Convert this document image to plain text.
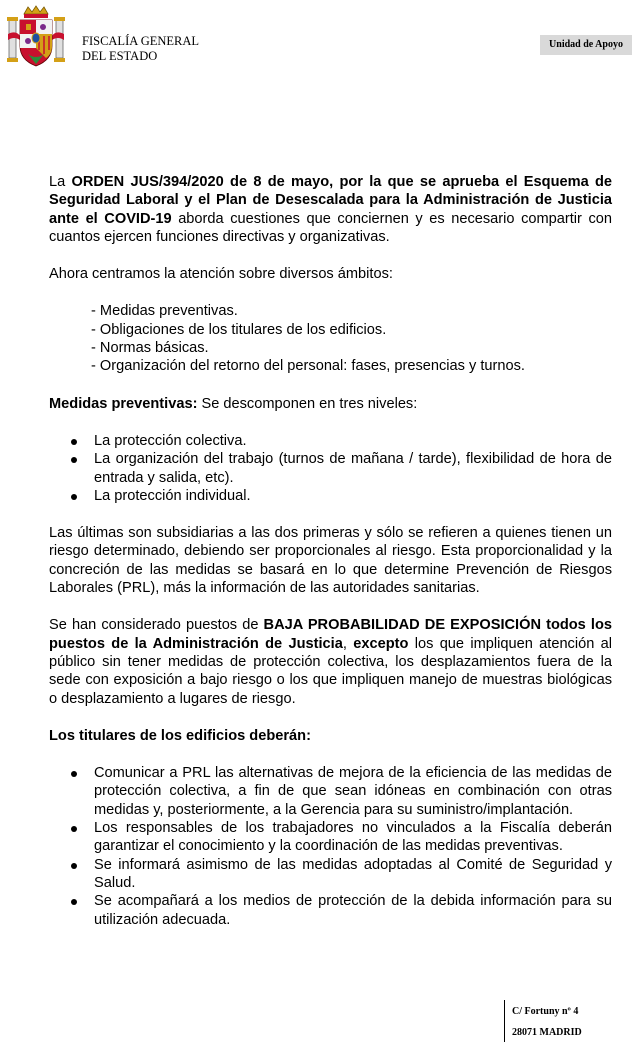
FISCALÍA GENERAL
DEL ESTADO
Unidad de Apoyo

La ORDEN JUS/394/2020 de 8 de mayo, por la que se aprueba el Esquema de Seguridad Laboral y el Plan de Desescalada para la Administración de Justicia ante el COVID-19 aborda cuestiones que conciernen y es necesario compartir con cuantos ejercen funciones directivas y organizativas.

Ahora centramos la atención sobre diversos ámbitos:

- Medidas preventivas.
- Obligaciones de los titulares de los edificios.
- Normas básicas.
- Organización del retorno del personal: fases, presencias y turnos.

Medidas preventivas: Se descomponen en tres niveles:

La protección colectiva.
La organización del trabajo (turnos de mañana / tarde), flexibilidad de hora de entrada y salida, etc).
La protección individual.

Las últimas son subsidiarias a las dos primeras y sólo se refieren a quienes tienen un riesgo determinado, debiendo ser proporcionales al riesgo. Esta proporcionalidad y la concreción de las medidas se basará en lo que determine Prevención de Riesgos Laborales (PRL), más la información de las autoridades sanitarias.

Se han considerado puestos de BAJA PROBABILIDAD DE EXPOSICIÓN todos los puestos de la Administración de Justicia, excepto los que impliquen atención al público sin tener medidas de protección colectiva, los desplazamientos fuera de la sede con exposición a bajo riesgo o los que impliquen manejo de muestras biológicas o desplazamiento a lugares de riesgo.

Los titulares de los edificios deberán:

Comunicar a PRL las alternativas de mejora de la eficiencia de las medidas de protección colectiva, a fin de que sean idóneas en combinación con otras medidas y, posteriormente, a la Gerencia para su suministro/implantación.
Los responsables de los trabajadores no vinculados a la Fiscalía deberán garantizar el conocimiento y la coordinación de las medidas preventivas.
Se informará asimismo de las medidas adoptadas al Comité de Seguridad y Salud.
Se acompañará a los medios de protección de la debida información para su utilización adecuada.
C/ Fortuny nº 4
28071 MADRID
